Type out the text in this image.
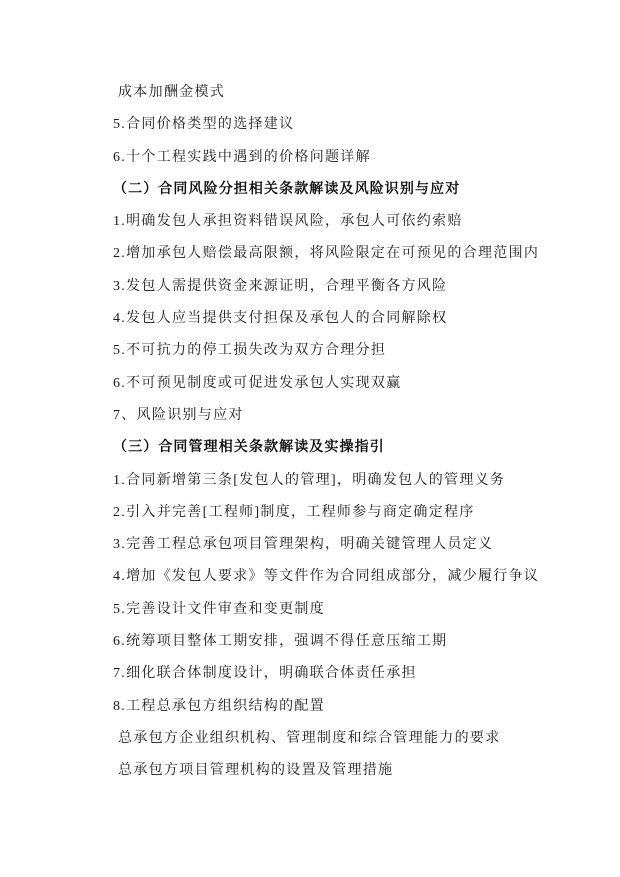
成本加酬金模式

5.合同价格类型的选择建议

6.十个工程实践中遇到的价格问题详解

（二）合同风险分担相关条款解读及风险识别与应对

1.明确发包人承担资料错误风险，承包人可依约索赔

2.增加承包人赔偿最高限额，将风险限定在可预见的合理范围内

3.发包人需提供资金来源证明，合理平衡各方风险

4.发包人应当提供支付担保及承包人的合同解除权

5.不可抗力的停工损失改为双方合理分担

6.不可预见制度或可促进发承包人实现双赢

7、风险识别与应对

（三）合同管理相关条款解读及实操指引

1.合同新增第三条[发包人的管理]，明确发包人的管理义务

2.引入并完善[工程师]制度，工程师参与商定确定程序

3.完善工程总承包项目管理架构，明确关键管理人员定义

4.增加《发包人要求》等文件作为合同组成部分，减少履行争议

5.完善设计文件审查和变更制度

6.统筹项目整体工期安排，强调不得任意压缩工期

7.细化联合体制度设计，明确联合体责任承担

8.工程总承包方组织结构的配置

总承包方企业组织机构、管理制度和综合管理能力的要求

总承包方项目管理机构的设置及管理措施
